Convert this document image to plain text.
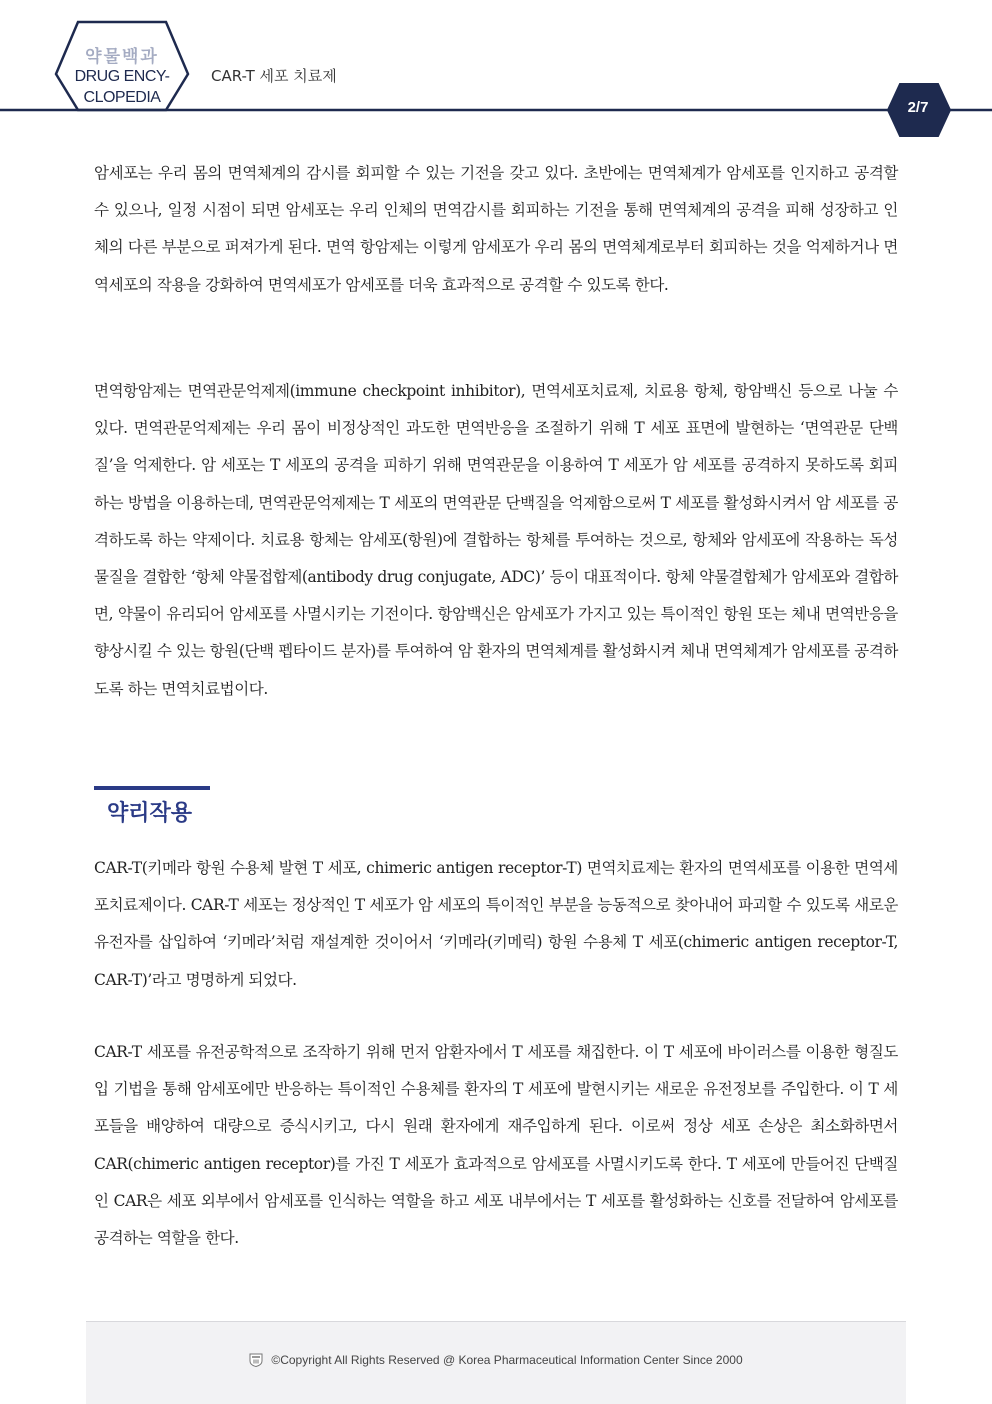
약물백과
DRUG ENCY-
CLOPEDIA
CAR-T 세포 치료제
2/7

암세포는 우리 몸의 면역체계의 감시를 회피할 수 있는 기전을 갖고 있다. 초반에는 면역체계가 암세포를 인지하고 공격할 수 있으나, 일정 시점이 되면 암세포는 우리 인체의 면역감시를 회피하는 기전을 통해 면역체계의 공격을 피해 성장하고 인체의 다른 부분으로 퍼져가게 된다. 면역 항암제는 이렇게 암세포가 우리 몸의 면역체계로부터 회피하는 것을 억제하거나 면역세포의 작용을 강화하여 면역세포가 암세포를 더욱 효과적으로 공격할 수 있도록 한다.

면역항암제는 면역관문억제제(immune checkpoint inhibitor), 면역세포치료제, 치료용 항체, 항암백신 등으로 나눌 수 있다. 면역관문억제제는 우리 몸이 비정상적인 과도한 면역반응을 조절하기 위해 T 세포 표면에 발현하는 ‘면역관문 단백질’을 억제한다. 암 세포는 T 세포의 공격을 피하기 위해 면역관문을 이용하여 T 세포가 암 세포를 공격하지 못하도록 회피하는 방법을 이용하는데, 면역관문억제제는 T 세포의 면역관문 단백질을 억제함으로써 T 세포를 활성화시켜서 암 세포를 공격하도록 하는 약제이다. 치료용 항체는 암세포(항원)에 결합하는 항체를 투여하는 것으로, 항체와 암세포에 작용하는 독성물질을 결합한 ‘항체 약물접합제(antibody drug conjugate, ADC)’ 등이 대표적이다. 항체 약물결합체가 암세포와 결합하면, 약물이 유리되어 암세포를 사멸시키는 기전이다. 항암백신은 암세포가 가지고 있는 특이적인 항원 또는 체내 면역반응을 향상시킬 수 있는 항원(단백 펩타이드 분자)를 투여하여 암 환자의 면역체계를 활성화시켜 체내 면역체계가 암세포를 공격하도록 하는 면역치료법이다.

약리작용

CAR-T(키메라 항원 수용체 발현 T 세포, chimeric antigen receptor-T) 면역치료제는 환자의 면역세포를 이용한 면역세포치료제이다. CAR-T 세포는 정상적인 T 세포가 암 세포의 특이적인 부분을 능동적으로 찾아내어 파괴할 수 있도록 새로운 유전자를 삽입하여 ‘키메라’처럼 재설계한 것이어서 ‘키메라(키메릭) 항원 수용체 T 세포(chimeric antigen receptor-T, CAR-T)’라고 명명하게 되었다.

CAR-T 세포를 유전공학적으로 조작하기 위해 먼저 암환자에서 T 세포를 채집한다. 이 T 세포에 바이러스를 이용한 형질도입 기법을 통해 암세포에만 반응하는 특이적인 수용체를 환자의 T 세포에 발현시키는 새로운 유전정보를 주입한다. 이 T 세포들을 배양하여 대량으로 증식시키고, 다시 원래 환자에게 재주입하게 된다. 이로써 정상 세포 손상은 최소화하면서 CAR(chimeric antigen receptor)를 가진 T 세포가 효과적으로 암세포를 사멸시키도록 한다. T 세포에 만들어진 단백질인 CAR은 세포 외부에서 암세포를 인식하는 역할을 하고 세포 내부에서는 T 세포를 활성화하는 신호를 전달하여 암세포를 공격하는 역할을 한다.

©Copyright All Rights Reserved @ Korea Pharmaceutical Information Center Since 2000
